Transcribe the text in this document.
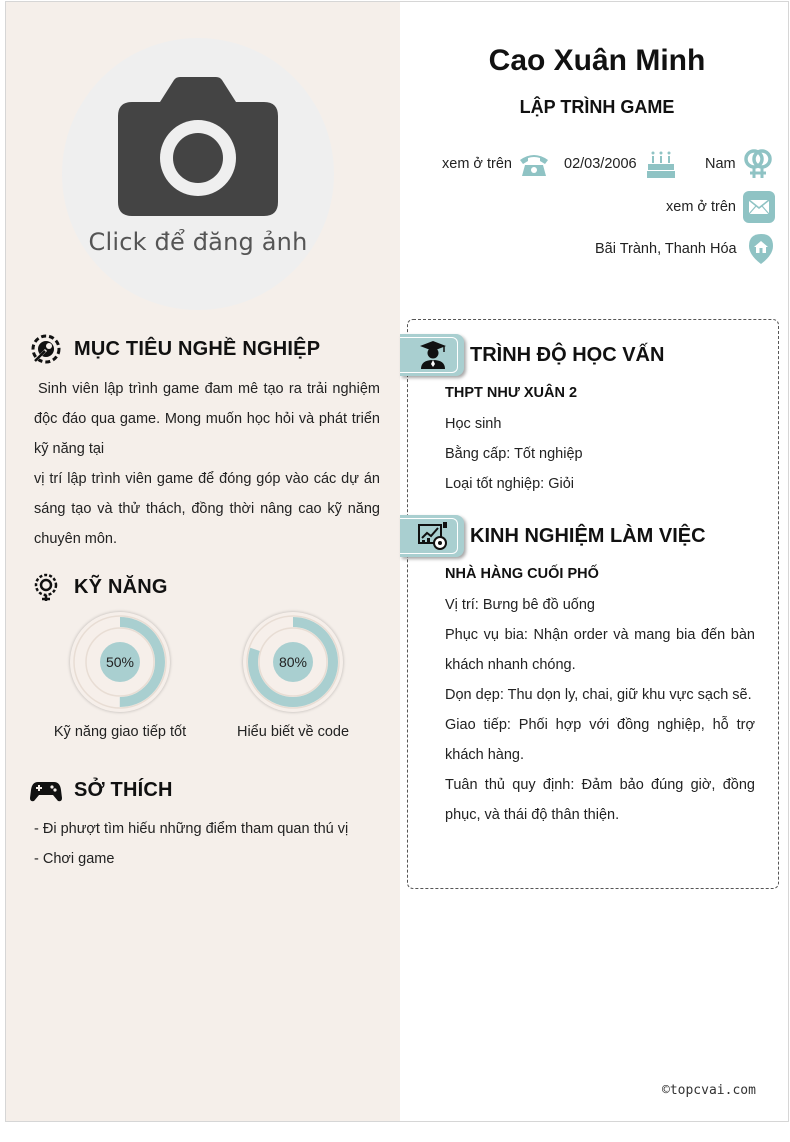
Click để đăng ảnh
MỤC TIÊU NGHỀ NGHIỆP
Sinh viên lập trình game đam mê tạo ra trải nghiệm độc đáo qua game. Mong muốn học hỏi và phát triển kỹ năng tại
vị trí lập trình viên game để đóng góp vào các dự án sáng tạo và thử thách, đồng thời nâng cao kỹ năng chuyên môn.
KỸ NĂNG
50%
Kỹ năng giao tiếp tốt
80%
Hiểu biết về code
SỞ THÍCH
- Đi phượt tìm hiếu những điểm tham quan thú vị
- Chơi game
Cao Xuân Minh
LẬP TRÌNH GAME
xem ở trên	02/03/2006	Nam
xem ở trên
Bãi Trành, Thanh Hóa
TRÌNH ĐỘ HỌC VẤN
THPT NHƯ XUÂN 2
Học sinh
Bằng cấp: Tốt nghiệp
Loại tốt nghiệp: Giỏi
KINH NGHIỆM LÀM VIỆC
NHÀ HÀNG CUỐI PHỐ
Vị trí: Bưng bê đồ uống
Phục vụ bia: Nhận order và mang bia đến bàn khách nhanh chóng.
Dọn dẹp: Thu dọn ly, chai, giữ khu vực sạch sẽ.
Giao tiếp: Phối hợp với đồng nghiệp, hỗ trợ khách hàng.
Tuân thủ quy định: Đảm bảo đúng giờ, đồng phục, và thái độ thân thiện.
©topcvai.com
